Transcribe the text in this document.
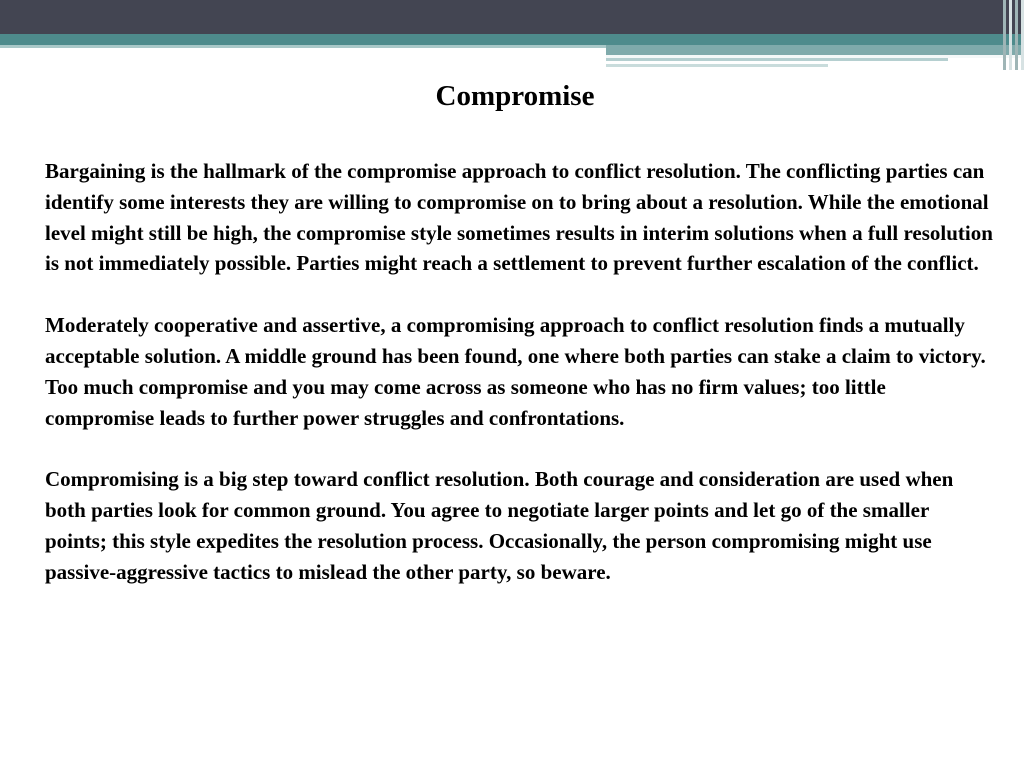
Compromise

Bargaining is the hallmark of the compromise approach to conflict resolution. The conflicting parties can identify some interests they are willing to compromise on to bring about a resolution. While the emotional level might still be high, the compromise style sometimes results in interim solutions when a full resolution is not immediately possible. Parties might reach a settlement to prevent further escalation of the conflict.

Moderately cooperative and assertive, a compromising approach to conflict resolution finds a mutually acceptable solution. A middle ground has been found, one where both parties can stake a claim to victory. Too much compromise and you may come across as someone who has no firm values; too little compromise leads to further power struggles and confrontations.

Compromising is a big step toward conflict resolution. Both courage and consideration are used when both parties look for common ground. You agree to negotiate larger points and let go of the smaller points; this style expedites the resolution process. Occasionally, the person compromising might use passive-aggressive tactics to mislead the other party, so beware.
